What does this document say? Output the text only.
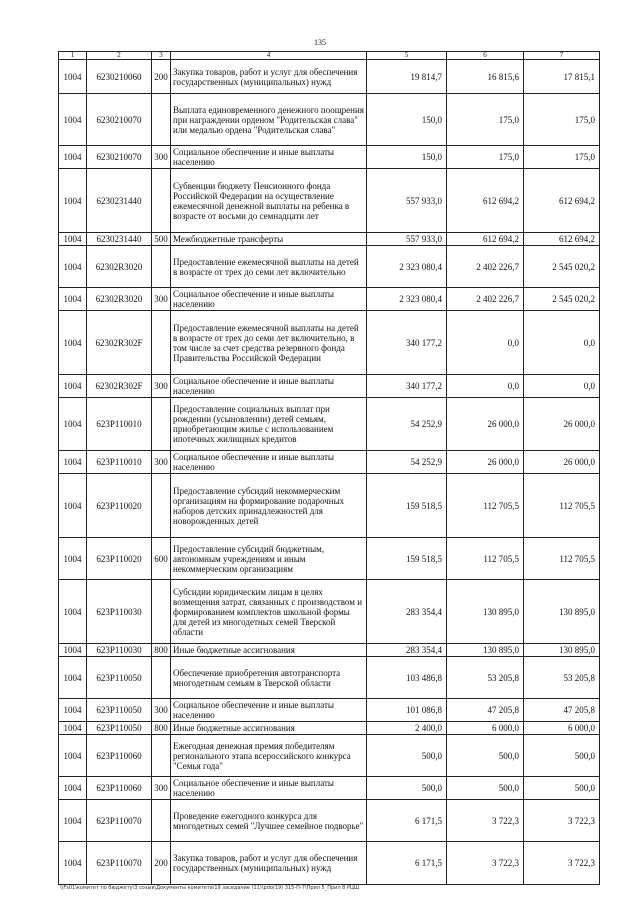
135
1	2	3	4	5	6	7
1004	6230210060	200	Закупка товаров, работ и услуг для обеспечения государственных (муниципальных) нужд	19 814,7	16 815,6	17 815,1
1004	6230210070		Выплата единовременного денежного поощрения при награждении орденом "Родительская слава" или медалью ордена "Родительская слава"	150,0	175,0	175,0
1004	6230210070	300	Социальное обеспечение и иные выплаты населению	150,0	175,0	175,0
1004	6230231440		Субвенции бюджету Пенсионного фонда Российской Федерации на осуществление ежемесячной денежной выплаты на ребенка в возрасте от восьми до семнадцати лет	557 933,0	612 694,2	612 694,2
1004	6230231440	500	Межбюджетные трансферты	557 933,0	612 694,2	612 694,2
1004	62302R3020		Предоставление ежемесячной выплаты на детей в возрасте от трех до семи лет включительно	2 323 080,4	2 402 226,7	2 545 020,2
1004	62302R3020	300	Социальное обеспечение и иные выплаты населению	2 323 080,4	2 402 226,7	2 545 020,2
1004	62302R302F		Предоставление ежемесячной выплаты на детей в возрасте от трех до семи лет включительно, в том числе за счет средства резервного фонда Правительства Российской Федерации	340 177,2	0,0	0,0
1004	62302R302F	300	Социальное обеспечение и иные выплаты населению	340 177,2	0,0	0,0
1004	623P110010		Предоставление социальных выплат при рождении (усыновлении) детей семьям, приобретающим жилье с использованием ипотечных жилищных кредитов	54 252,9	26 000,0	26 000,0
1004	623P110010	300	Социальное обеспечение и иные выплаты населению	54 252,9	26 000,0	26 000,0
1004	623P110020		Предоставление субсидий некоммерческим организациям на формирование подарочных наборов детских принадлежностей для новорожденных детей	159 518,5	112 705,5	112 705,5
1004	623P110020	600	Предоставление субсидий бюджетным, автономным учреждениям и иным некоммерческим организациям	159 518,5	112 705,5	112 705,5
1004	623P110030		Субсидии юридическим лицам в целях возмещения затрат, связанных с производством и формированием комплектов школьной формы для детей из многодетных семей Тверской области	283 354,4	130 895,0	130 895,0
1004	623P110030	800	Иные бюджетные ассигнования	283 354,4	130 895,0	130 895,0
1004	623P110050		Обеспечение приобретения автотранспорта многодетным семьям в Тверской области	103 486,8	53 205,8	53 205,8
1004	623P110050	300	Социальное обеспечение и иные выплаты населению	101 086,8	47 205,8	47 205,8
1004	623P110050	800	Иные бюджетные ассигнования	2 400,0	6 000,0	6 000,0
1004	623P110060		Ежегодная денежная премия победителям регионального этапа всероссийского конкурса "Семья года"	500,0	500,0	500,0
1004	623P110060	300	Социальное обеспечение и иные выплаты населению	500,0	500,0	500,0
1004	623P110070		Проведение ежегодного конкурса для многодетных семей "Лучшее семейное подворье"	6 171,5	3 722,3	3 722,3
1004	623P110070	200	Закупка товаров, работ и услуг для обеспечения государственных (муниципальных) нужд	6 171,5	3 722,3	3 722,3
\\Fs01\комитет по бюджету\3 созыв\Документы комитета\19 заседание (11)\pdo(19) 315-П-7\Прил 5_Прил 8 РЦШ
